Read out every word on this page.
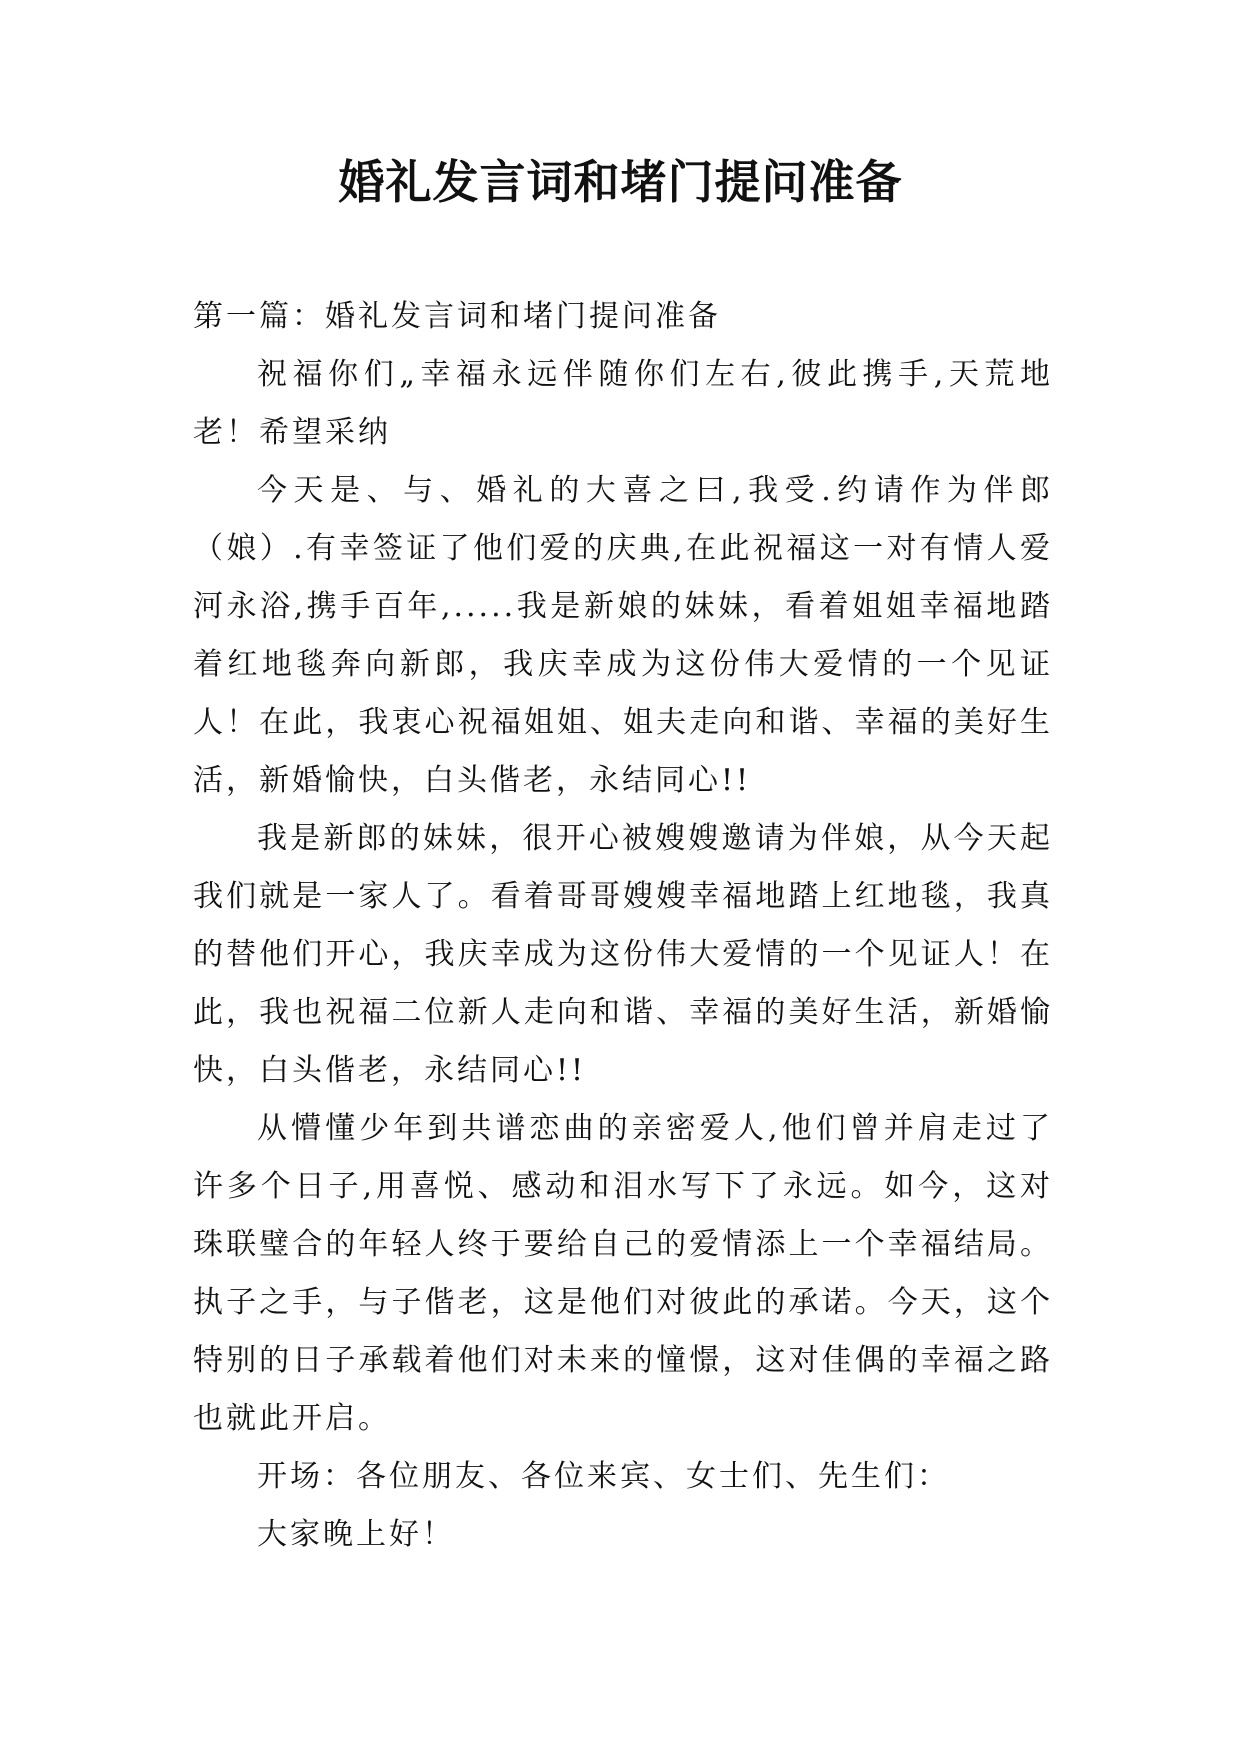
婚礼发言词和堵门提问准备

第一篇：婚礼发言词和堵门提问准备

祝福你们„幸福永远伴随你们左右,彼此携手,天荒地老！希望采纳

今天是、与、婚礼的大喜之曰,我受.约请作为伴郎（娘）.有幸签证了他们爱的庆典,在此祝福这一对有情人爱河永浴,携手百年,.....我是新娘的妹妹，看着姐姐幸福地踏着红地毯奔向新郎，我庆幸成为这份伟大爱情的一个见证人！在此，我衷心祝福姐姐、姐夫走向和谐、幸福的美好生活，新婚愉快，白头偕老，永结同心!!

我是新郎的妹妹，很开心被嫂嫂邀请为伴娘，从今天起我们就是一家人了。看着哥哥嫂嫂幸福地踏上红地毯，我真的替他们开心，我庆幸成为这份伟大爱情的一个见证人！在此，我也祝福二位新人走向和谐、幸福的美好生活，新婚愉快，白头偕老，永结同心!!

从懵懂少年到共谱恋曲的亲密爱人,他们曾并肩走过了许多个日子,用喜悦、感动和泪水写下了永远。如今，这对珠联璧合的年轻人终于要给自己的爱情添上一个幸福结局。执子之手，与子偕老，这是他们对彼此的承诺。今天，这个特别的日子承载着他们对未来的憧憬，这对佳偶的幸福之路也就此开启。

开场：各位朋友、各位来宾、女士们、先生们：

大家晚上好！
